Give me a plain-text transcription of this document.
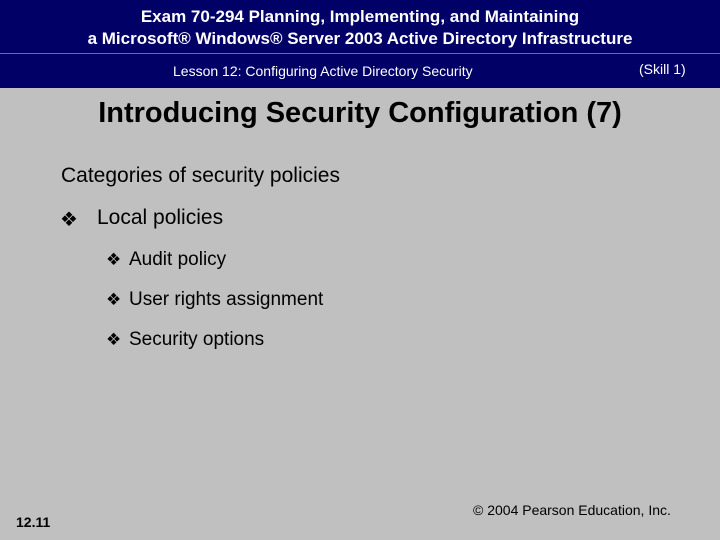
Exam 70-294 Planning, Implementing, and Maintaining
a Microsoft® Windows® Server 2003 Active Directory Infrastructure
Lesson 12: Configuring Active Directory Security	(Skill 1)
Introducing Security Configuration (7)
Categories of security policies
❖ Local policies
❖ Audit policy
❖ User rights assignment
❖ Security options
12.11
© 2004 Pearson Education, Inc.
